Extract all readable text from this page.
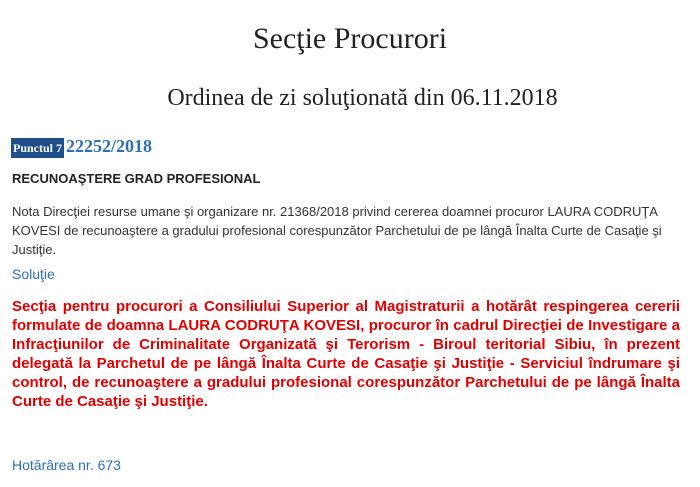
Secţie Procurori
Ordinea de zi soluţionată din 06.11.2018
Punctul 7 22252/2018
RECUNOAŞTERE GRAD PROFESIONAL
Nota Direcţiei resurse umane şi organizare nr. 21368/2018 privind cererea doamnei procuror LAURA CODRUŢA KOVESI de recunoaştere a gradului profesional corespunzător Parchetului de pe lângă Înalta Curte de Casaţie şi Justiţie.
Soluţie
Secţia pentru procurori a Consiliului Superior al Magistraturii a hotărât respingerea cererii formulate de doamna LAURA CODRUŢA KOVESI, procuror în cadrul Direcţiei de Investigare a Infracţiunilor de Criminalitate Organizată şi Terorism - Biroul teritorial Sibiu, în prezent delegată la Parchetul de pe lângă Înalta Curte de Casaţie şi Justiţie - Serviciul îndrumare şi control, de recunoaştere a gradului profesional corespunzător Parchetului de pe lângă Înalta Curte de Casaţie şi Justiţie.
Hotărârea nr. 673
